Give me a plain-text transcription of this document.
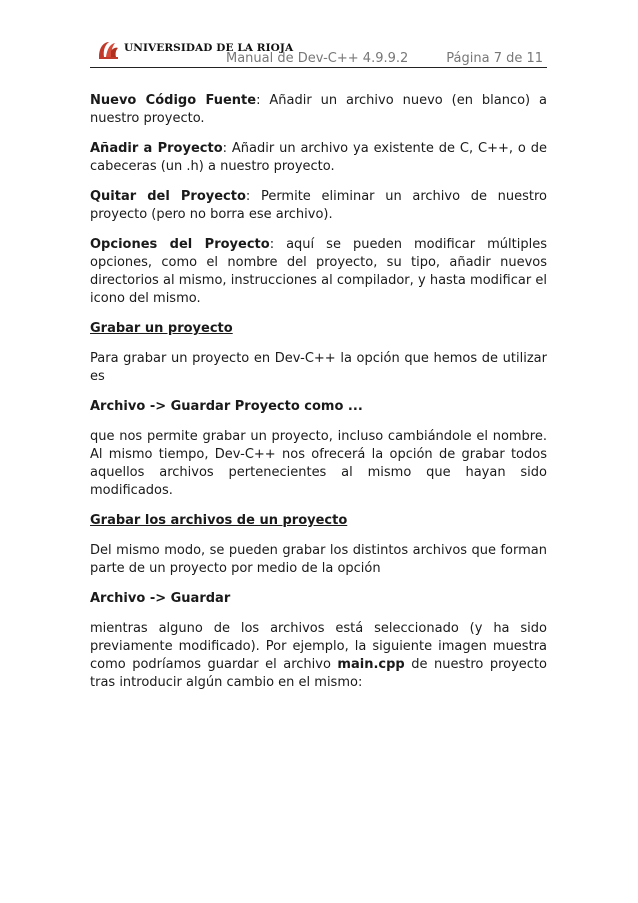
UNIVERSIDAD DE LA RIOJA
Manual de Dev-C++ 4.9.9.2	Página 7 de 11

Nuevo Código Fuente: Añadir un archivo nuevo (en blanco) a nuestro proyecto.

Añadir a Proyecto: Añadir un archivo ya existente de C, C++, o de cabeceras (un .h) a nuestro proyecto.

Quitar del Proyecto: Permite eliminar un archivo de nuestro proyecto (pero no borra ese archivo).

Opciones del Proyecto: aquí se pueden modificar múltiples opciones, como el nombre del proyecto, su tipo, añadir nuevos directorios al mismo, instrucciones al compilador, y hasta modificar el icono del mismo.

Grabar un proyecto

Para grabar un proyecto en Dev-C++ la opción que hemos de utilizar es

Archivo -> Guardar Proyecto como ...

que nos permite grabar un proyecto, incluso cambiándole el nombre. Al mismo tiempo, Dev-C++ nos ofrecerá la opción de grabar todos aquellos archivos pertenecientes al mismo que hayan sido modificados.

Grabar los archivos de un proyecto

Del mismo modo, se pueden grabar los distintos archivos que forman parte de un proyecto por medio de la opción

Archivo -> Guardar

mientras alguno de los archivos está seleccionado (y ha sido previamente modificado). Por ejemplo, la siguiente imagen muestra como podríamos guardar el archivo main.cpp de nuestro proyecto tras introducir algún cambio en el mismo:
